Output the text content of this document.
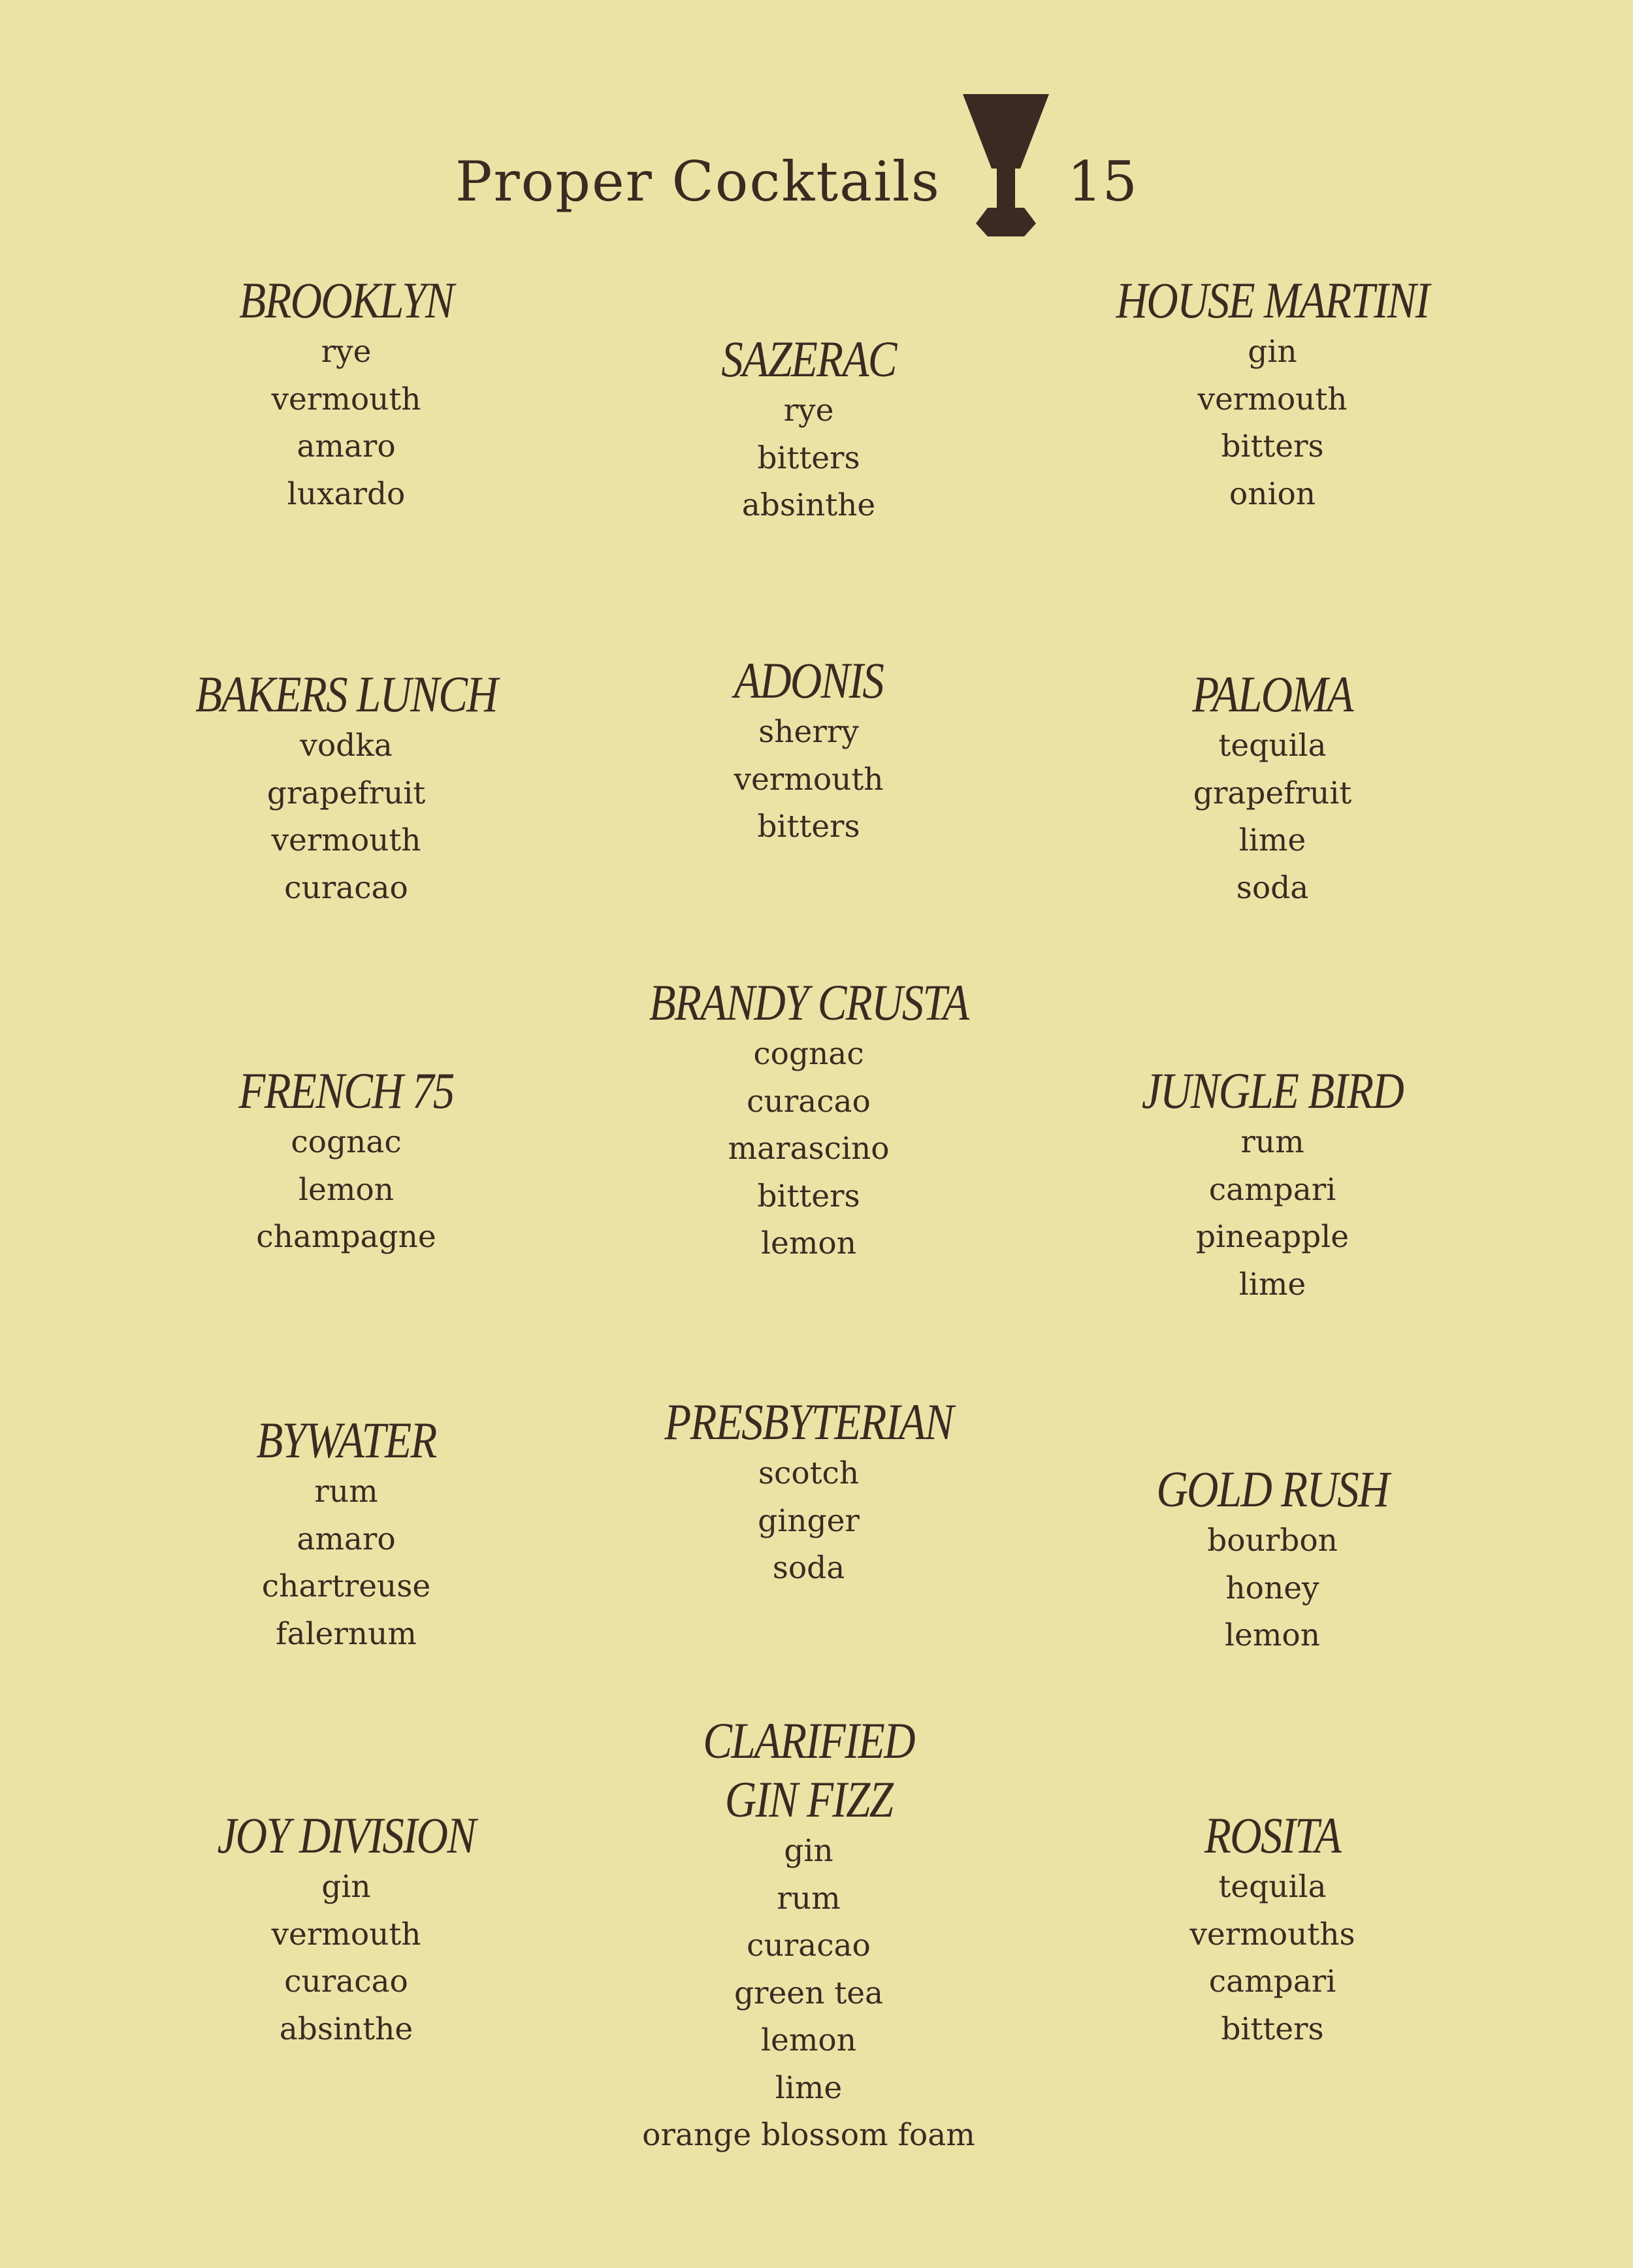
Proper Cocktails 15
BROOKLYN
rye
vermouth
amaro
luxardo
SAZERAC
rye
bitters
absinthe
HOUSE MARTINI
gin
vermouth
bitters
onion
BAKERS LUNCH
vodka
grapefruit
vermouth
curacao
ADONIS
sherry
vermouth
bitters
PALOMA
tequila
grapefruit
lime
soda
FRENCH 75
cognac
lemon
champagne
BRANDY CRUSTA
cognac
curacao
marascino
bitters
lemon
JUNGLE BIRD
rum
campari
pineapple
lime
BYWATER
rum
amaro
chartreuse
falernum
PRESBYTERIAN
scotch
ginger
soda
GOLD RUSH
bourbon
honey
lemon
JOY DIVISION
gin
vermouth
curacao
absinthe
CLARIFIED
GIN FIZZ
gin
rum
curacao
green tea
lemon
lime
orange blossom foam
ROSITA
tequila
vermouths
campari
bitters
